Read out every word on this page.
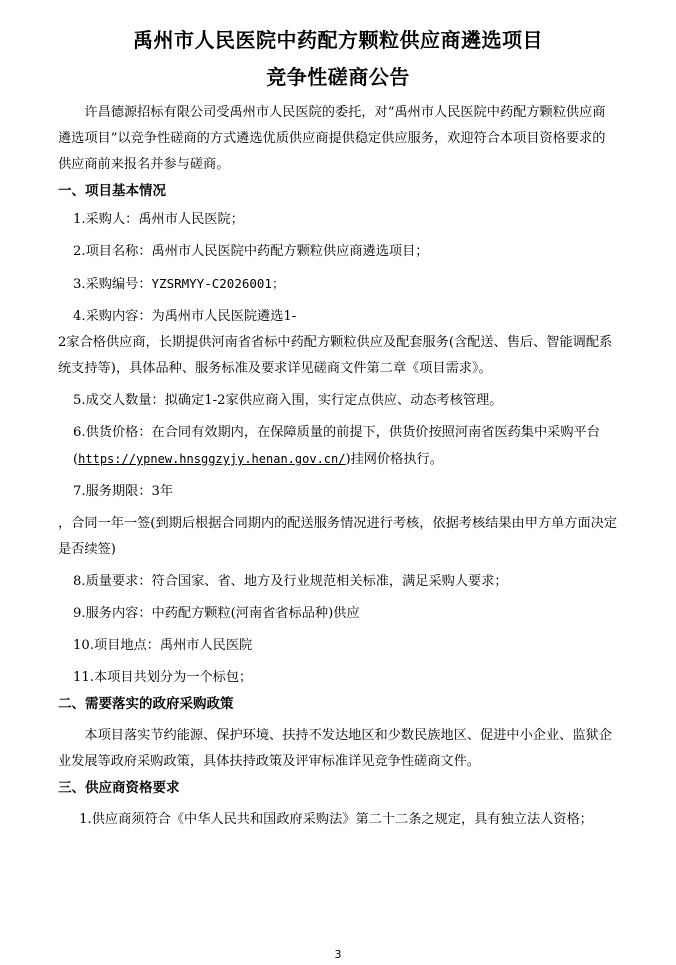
禹州市人民医院中药配方颗粒供应商遴选项目
竞争性磋商公告

许昌德源招标有限公司受禹州市人民医院的委托，对“禹州市人民医院中药配方颗粒供应商遴选项目”以竞争性磋商的方式遴选优质供应商提供稳定供应服务，欢迎符合本项目资格要求的供应商前来报名并参与磋商。

一、项目基本情况

1.采购人：禹州市人民医院；

2.项目名称：禹州市人民医院中药配方颗粒供应商遴选项目；

3.采购编号：YZSRMYY-C2026001；

4.采购内容：为禹州市人民医院遴选1-

2家合格供应商，长期提供河南省省标中药配方颗粒供应及配套服务(含配送、售后、智能调配系统支持等)，具体品种、服务标准及要求详见磋商文件第二章《项目需求》。

5.成交人数量：拟确定1-2家供应商入围，实行定点供应、动态考核管理。

6.供货价格：在合同有效期内，在保障质量的前提下，供货价按照河南省医药集中采购平台(https://ypnew.hnsggzyjy.henan.gov.cn/)挂网价格执行。

7.服务期限：3年

，合同一年一签(到期后根据合同期内的配送服务情况进行考核，依据考核结果由甲方单方面决定是否续签)

8.质量要求：符合国家、省、地方及行业规范相关标准，满足采购人要求；

9.服务内容：中药配方颗粒(河南省省标品种)供应

10.项目地点：禹州市人民医院

11.本项目共划分为一个标包；

二、需要落实的政府采购政策

本项目落实节约能源、保护环境、扶持不发达地区和少数民族地区、促进中小企业、监狱企业发展等政府采购政策，具体扶持政策及评审标准详见竞争性磋商文件。

三、供应商资格要求

1.供应商须符合《中华人民共和国政府采购法》第二十二条之规定，具有独立法人资格；

3
